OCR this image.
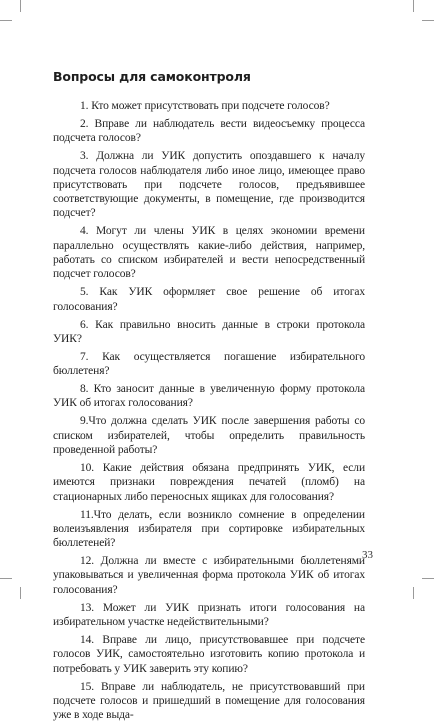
Вопросы для самоконтроля
1. Кто может присутствовать при подсчете голосов?
2. Вправе ли наблюдатель вести видеосъемку процесса подсчета голосов?
3. Должна ли УИК допустить опоздавшего к началу подсчета голосов наблюдателя либо иное лицо, имеющее право присутствовать при подсчете голосов, предъявившее соответствующие документы, в помещение, где производится подсчет?
4. Могут ли члены УИК в целях экономии времени параллельно осуществлять какие-либо действия, например, работать со списком избирателей и вести непосредственный подсчет голосов?
5. Как УИК оформляет свое решение об итогах голосования?
6. Как правильно вносить данные в строки протокола УИК?
7. Как осуществляется погашение избирательного бюллетеня?
8. Кто заносит данные в увеличенную форму протокола УИК об итогах голосования?
9.Что должна сделать УИК после завершения работы со списком избирателей, чтобы определить правильность проведенной работы?
10. Какие действия обязана предпринять УИК, если имеются признаки повреждения печатей (пломб) на стационарных либо переносных ящиках для голосования?
11.Что делать, если возникло сомнение в определении волеизъявления избирателя при сортировке избирательных бюллетеней?
12. Должна ли вместе с избирательными бюллетенями упаковываться и увеличенная форма протокола УИК об итогах голосования?
13. Может ли УИК признать итоги голосования на избирательном участке недействительными?
14. Вправе ли лицо, присутствовавшее при подсчете голосов УИК, самостоятельно изготовить копию протокола и потребовать у УИК заверить эту копию?
15. Вправе ли наблюдатель, не присутствовавший при подсчете голосов и пришедший в помещение для голосования уже в ходе выда-
33
